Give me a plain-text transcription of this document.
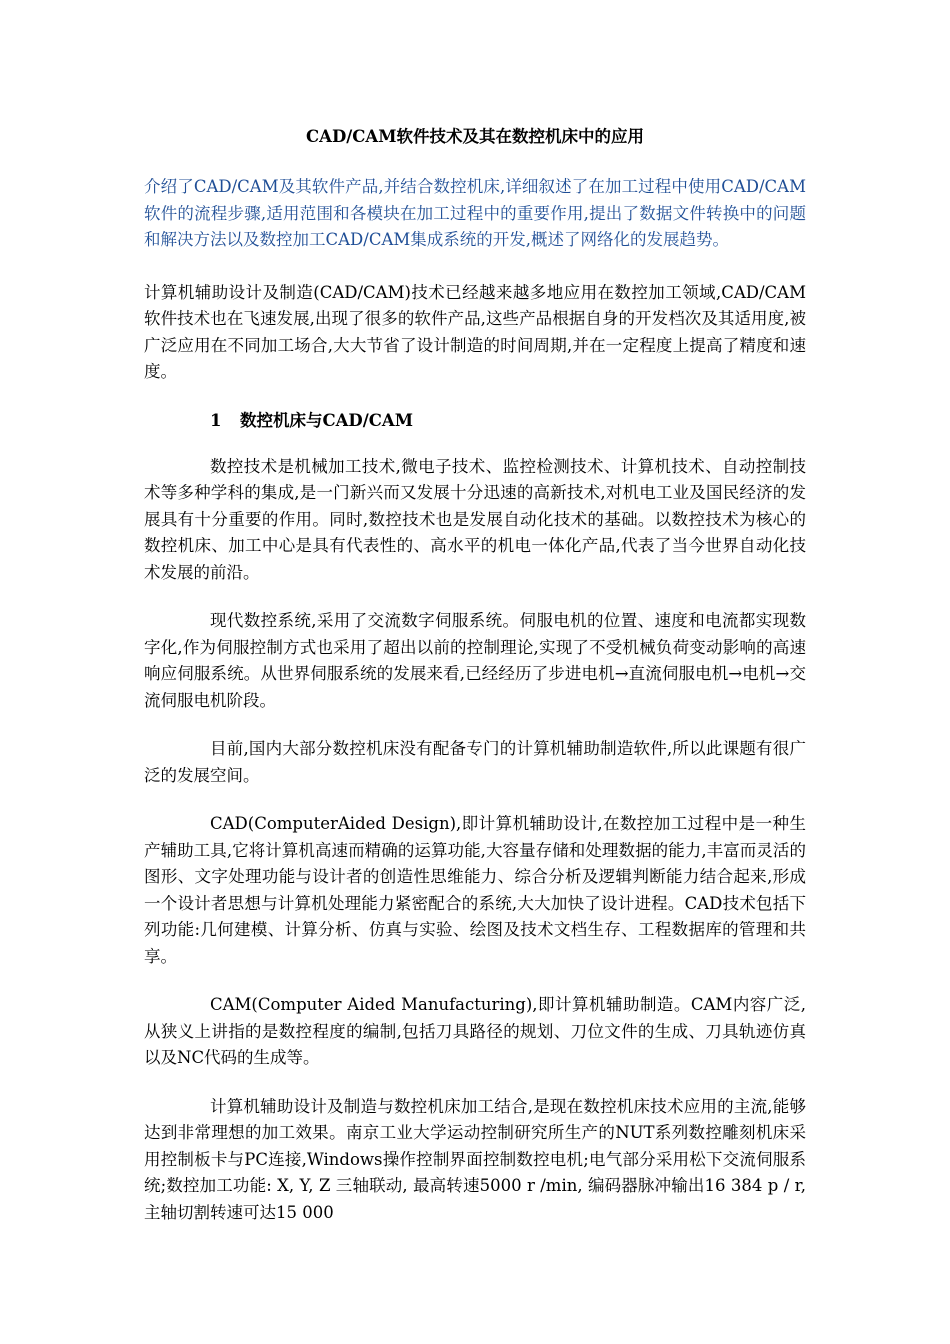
CAD/CAM软件技术及其在数控机床中的应用

介绍了CAD/CAM及其软件产品,并结合数控机床,详细叙述了在加工过程中使用CAD/CAM软件的流程步骤,适用范围和各模块在加工过程中的重要作用,提出了数据文件转换中的问题和解决方法以及数控加工CAD/CAM集成系统的开发,概述了网络化的发展趋势。

计算机辅助设计及制造(CAD/CAM)技术已经越来越多地应用在数控加工领域,CAD/CAM软件技术也在飞速发展,出现了很多的软件产品,这些产品根据自身的开发档次及其适用度,被广泛应用在不同加工场合,大大节省了设计制造的时间周期,并在一定程度上提高了精度和速度。

1 数控机床与CAD/CAM

数控技术是机械加工技术,微电子技术、监控检测技术、计算机技术、自动控制技术等多种学科的集成,是一门新兴而又发展十分迅速的高新技术,对机电工业及国民经济的发展具有十分重要的作用。同时,数控技术也是发展自动化技术的基础。以数控技术为核心的数控机床、加工中心是具有代表性的、高水平的机电一体化产品,代表了当今世界自动化技术发展的前沿。

现代数控系统,采用了交流数字伺服系统。伺服电机的位置、速度和电流都实现数字化,作为伺服控制方式也采用了超出以前的控制理论,实现了不受机械负荷变动影响的高速响应伺服系统。从世界伺服系统的发展来看,已经经历了步进电机→直流伺服电机→电机→交流伺服电机阶段。

目前,国内大部分数控机床没有配备专门的计算机辅助制造软件,所以此课题有很广泛的发展空间。

CAD(ComputerAided Design),即计算机辅助设计,在数控加工过程中是一种生产辅助工具,它将计算机高速而精确的运算功能,大容量存储和处理数据的能力,丰富而灵活的图形、文字处理功能与设计者的创造性思维能力、综合分析及逻辑判断能力结合起来,形成一个设计者思想与计算机处理能力紧密配合的系统,大大加快了设计进程。CAD技术包括下列功能:几何建模、计算分析、仿真与实验、绘图及技术文档生存、工程数据库的管理和共享。

CAM(Computer Aided Manufacturing),即计算机辅助制造。CAM内容广泛,从狭义上讲指的是数控程度的编制,包括刀具路径的规划、刀位文件的生成、刀具轨迹仿真以及NC代码的生成等。

计算机辅助设计及制造与数控机床加工结合,是现在数控机床技术应用的主流,能够达到非常理想的加工效果。南京工业大学运动控制研究所生产的NUT系列数控雕刻机床采用控制板卡与PC连接,Windows操作控制界面控制数控电机;电气部分采用松下交流伺服系统;数控加工功能: X, Y, Z 三轴联动, 最高转速5000 r /min, 编码器脉冲输出16 384 p / r,主轴切割转速可达15 000
